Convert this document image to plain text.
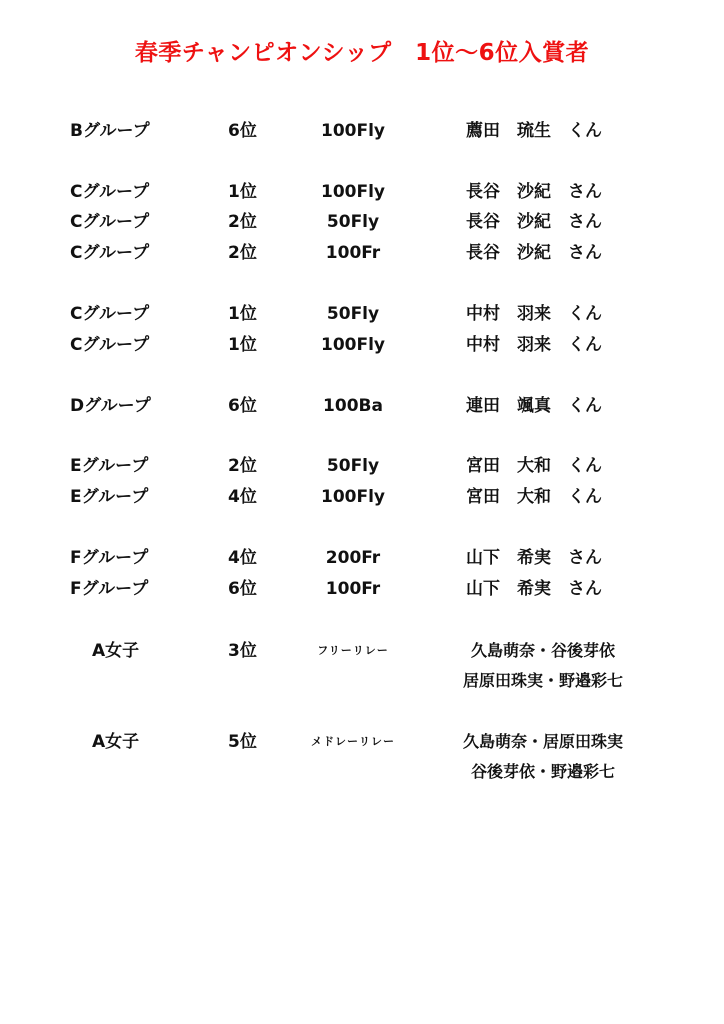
春季チャンピオンシップ　1位～6位入賞者
Bグループ	6位	100Fly	薦田　琉生　くん
Cグループ	1位	100Fly	長谷　沙紀　さん
Cグループ	2位	50Fly	長谷　沙紀　さん
Cグループ	2位	100Fr	長谷　沙紀　さん
Cグループ	1位	50Fly	中村　羽来　くん
Cグループ	1位	100Fly	中村　羽来　くん
Dグループ	6位	100Ba	連田　颯真　くん
Eグループ	2位	50Fly	宮田　大和　くん
Eグループ	4位	100Fly	宮田　大和　くん
Fグループ	4位	200Fr	山下　希実　さん
Fグループ	6位	100Fr	山下　希実　さん
A女子	3位	フリーリレー	久島萌奈・谷後芽依
居原田珠実・野邉彩七
A女子	5位	メドレーリレー	久島萌奈・居原田珠実
谷後芽依・野邉彩七
